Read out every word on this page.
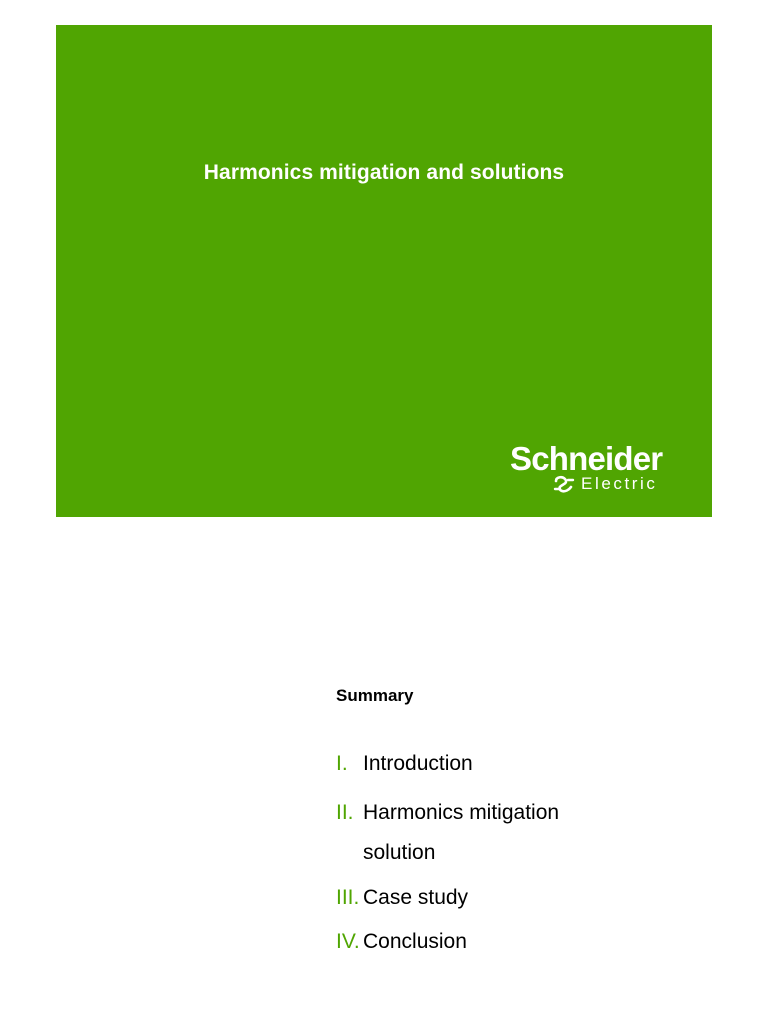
Harmonics mitigation and solutions
Schneider
Electric
Summary
I. Introduction
II. Harmonics mitigation solution
III. Case study
IV. Conclusion
